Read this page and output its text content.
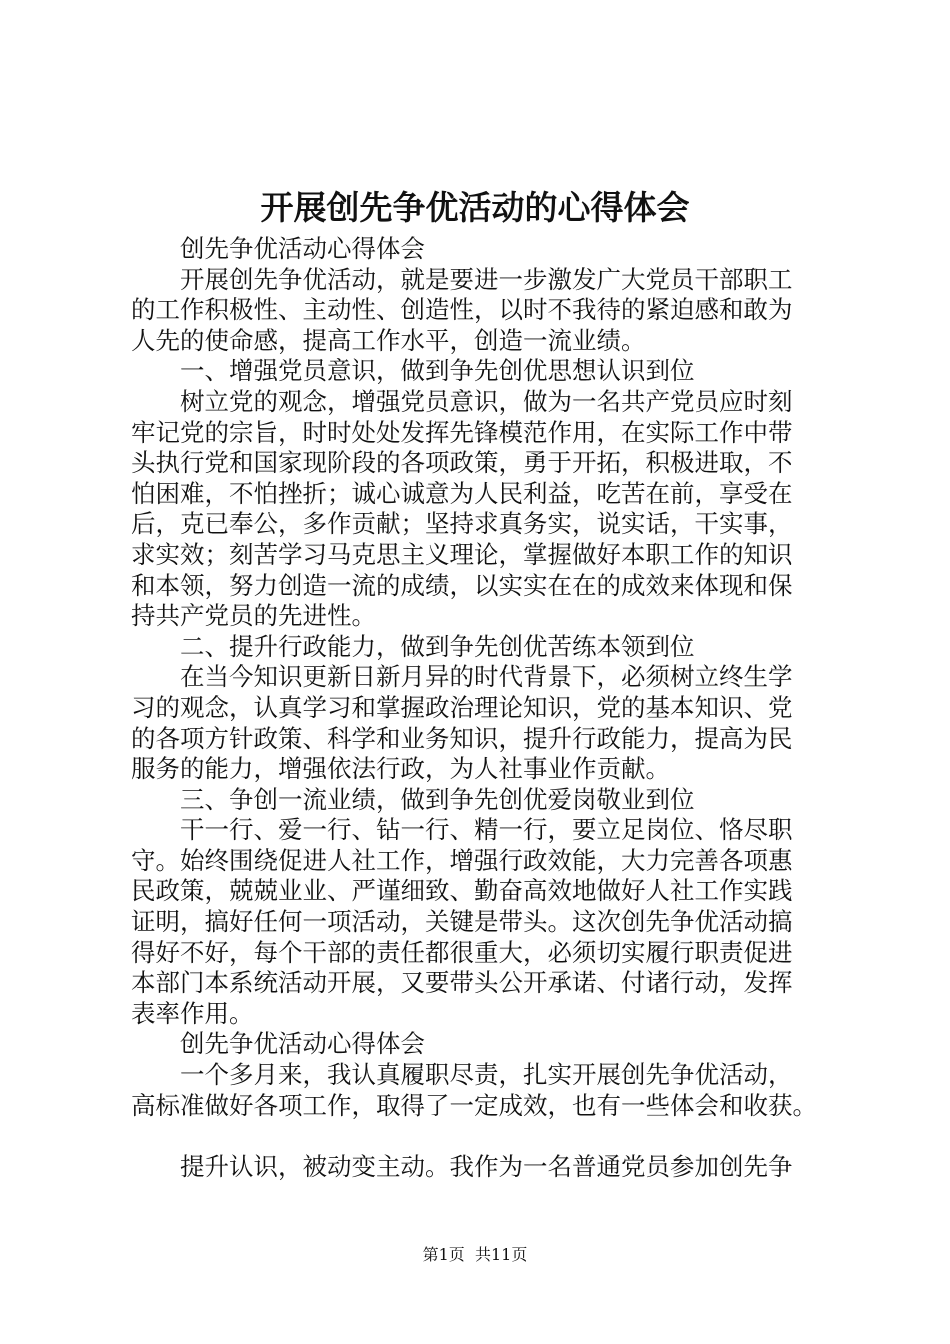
开展创先争优活动的心得体会
创先争优活动心得体会
开展创先争优活动，就是要进一步激发广大党员干部职工
的工作积极性、主动性、创造性，以时不我待的紧迫感和敢为
人先的使命感，提高工作水平，创造一流业绩。
一、增强党员意识，做到争先创优思想认识到位
树立党的观念，增强党员意识，做为一名共产党员应时刻
牢记党的宗旨，时时处处发挥先锋模范作用，在实际工作中带
头执行党和国家现阶段的各项政策，勇于开拓，积极进取，不
怕困难，不怕挫折；诚心诚意为人民利益，吃苦在前，享受在
后，克已奉公，多作贡献；坚持求真务实，说实话，干实事，
求实效；刻苦学习马克思主义理论，掌握做好本职工作的知识
和本领，努力创造一流的成绩，以实实在在的成效来体现和保
持共产党员的先进性。
二、提升行政能力，做到争先创优苦练本领到位
在当今知识更新日新月异的时代背景下，必须树立终生学
习的观念，认真学习和掌握政治理论知识，党的基本知识、党
的各项方针政策、科学和业务知识，提升行政能力，提高为民
服务的能力，增强依法行政，为人社事业作贡献。
三、争创一流业绩，做到争先创优爱岗敬业到位
干一行、爱一行、钻一行、精一行，要立足岗位、恪尽职
守。始终围绕促进人社工作，增强行政效能，大力完善各项惠
民政策，兢兢业业、严谨细致、勤奋高效地做好人社工作实践
证明，搞好任何一项活动，关键是带头。这次创先争优活动搞
得好不好，每个干部的责任都很重大，必须切实履行职责促进
本部门本系统活动开展，又要带头公开承诺、付诸行动，发挥
表率作用。
创先争优活动心得体会
一个多月来，我认真履职尽责，扎实开展创先争优活动，
高标准做好各项工作，取得了一定成效，也有一些体会和收获。
提升认识，被动变主动。我作为一名普通党员参加创先争
第1页 共11页
